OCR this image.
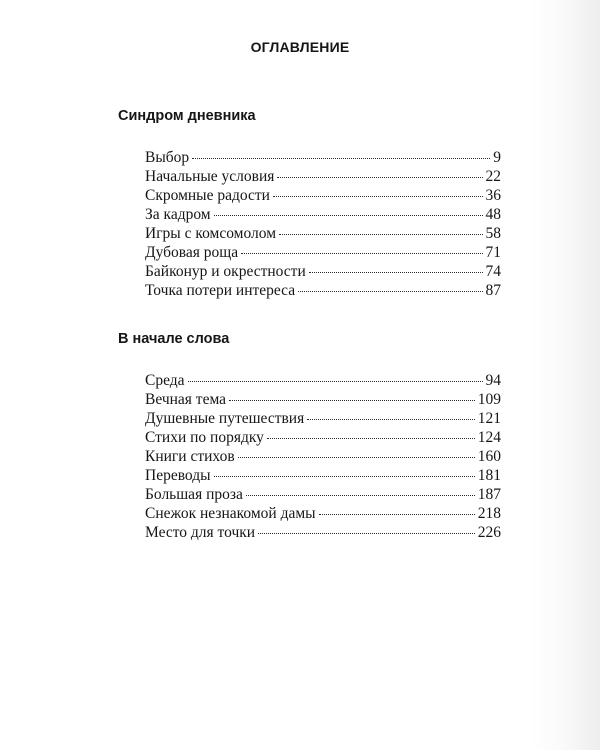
ОГЛАВЛЕНИЕ
Синдром дневника
Выбор	9
Начальные условия	22
Скромные радости	36
За кадром	48
Игры с комсомолом	58
Дубовая роща	71
Байконур и окрестности	74
Точка потери интереса	87
В начале слова
Среда	94
Вечная тема	109
Душевные путешествия	121
Стихи по порядку	124
Книги стихов	160
Переводы	181
Большая проза	187
Снежок незнакомой дамы	218
Место для точки	226
